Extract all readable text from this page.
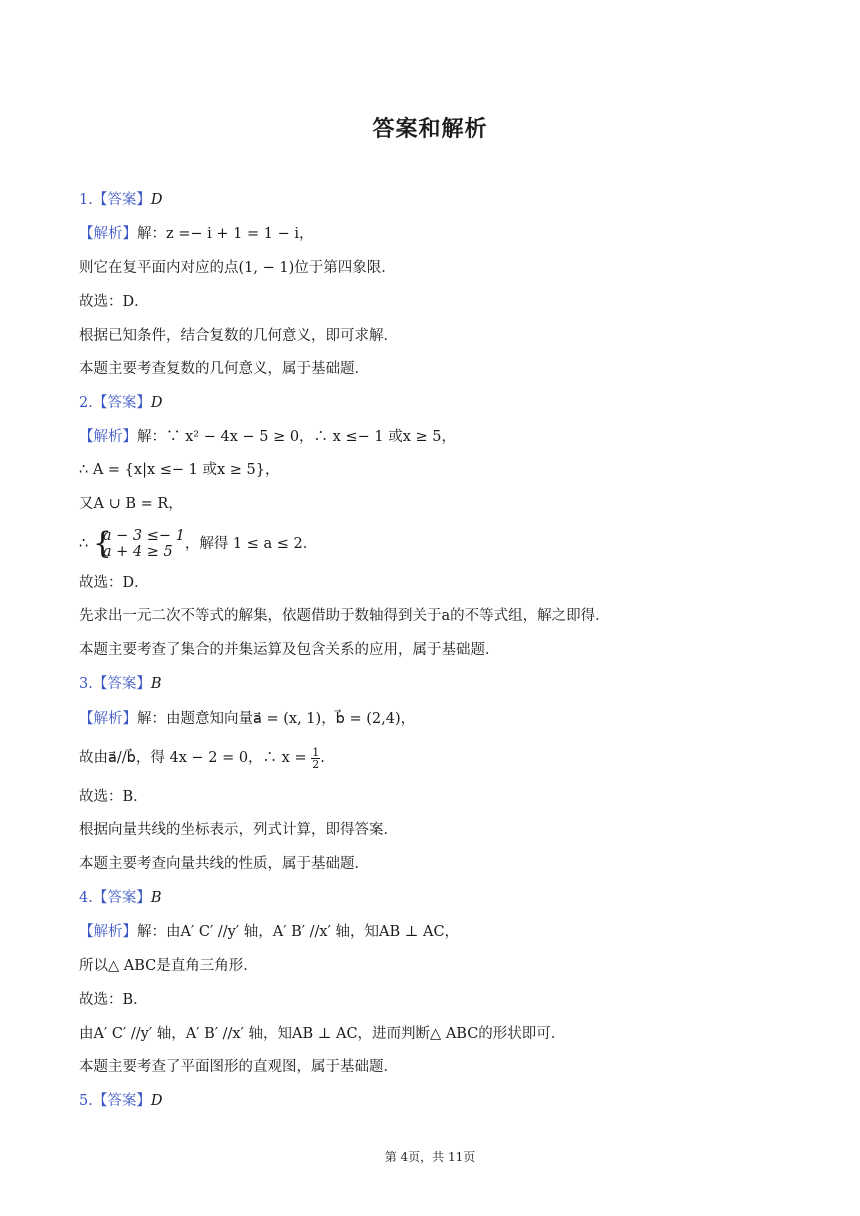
答案和解析
1.【答案】D
【解析】解：z =− i + 1 = 1 − i，
则它在复平面内对应的点(1, − 1)位于第四象限．
故选：D．
根据已知条件，结合复数的几何意义，即可求解．
本题主要考查复数的几何意义，属于基础题．
2.【答案】D
【解析】解：∵ x² − 4x − 5 ≥ 0，∴ x ≤− 1 或x ≥ 5，
∴ A = {x|x ≤− 1 或x ≥ 5}，
又A ∪ B = R，
∴ {
a − 3 ≤− 1
a + 4 ≥ 5 ，解得 1 ≤ a ≤ 2．
故选：D．
先求出一元二次不等式的解集，依题借助于数轴得到关于a的不等式组，解之即得．
本题主要考查了集合的并集运算及包含关系的应用，属于基础题．
3.【答案】B
【解析】解：由题意知向量a⃗ = (x, 1)，b⃗ = (2,4)，
故由a⃗//b⃗，得 4x − 2 = 0，∴ $x = \frac{1}{2}$ .
故选：B．
根据向量共线的坐标表示，列式计算，即得答案．
本题主要考查向量共线的性质，属于基础题．
4.【答案】B
【解析】解：由A′ C′ //y′ 轴，A′ B′ //x′ 轴，知AB ⊥ AC，
所以△ ABC是直角三角形．
故选：B．
由A′ C′ //y′ 轴，A′ B′ //x′ 轴，知AB ⊥ AC，进而判断△ ABC的形状即可．
本题主要考查了平面图形的直观图，属于基础题．
5.【答案】D
第 4页，共 11页
